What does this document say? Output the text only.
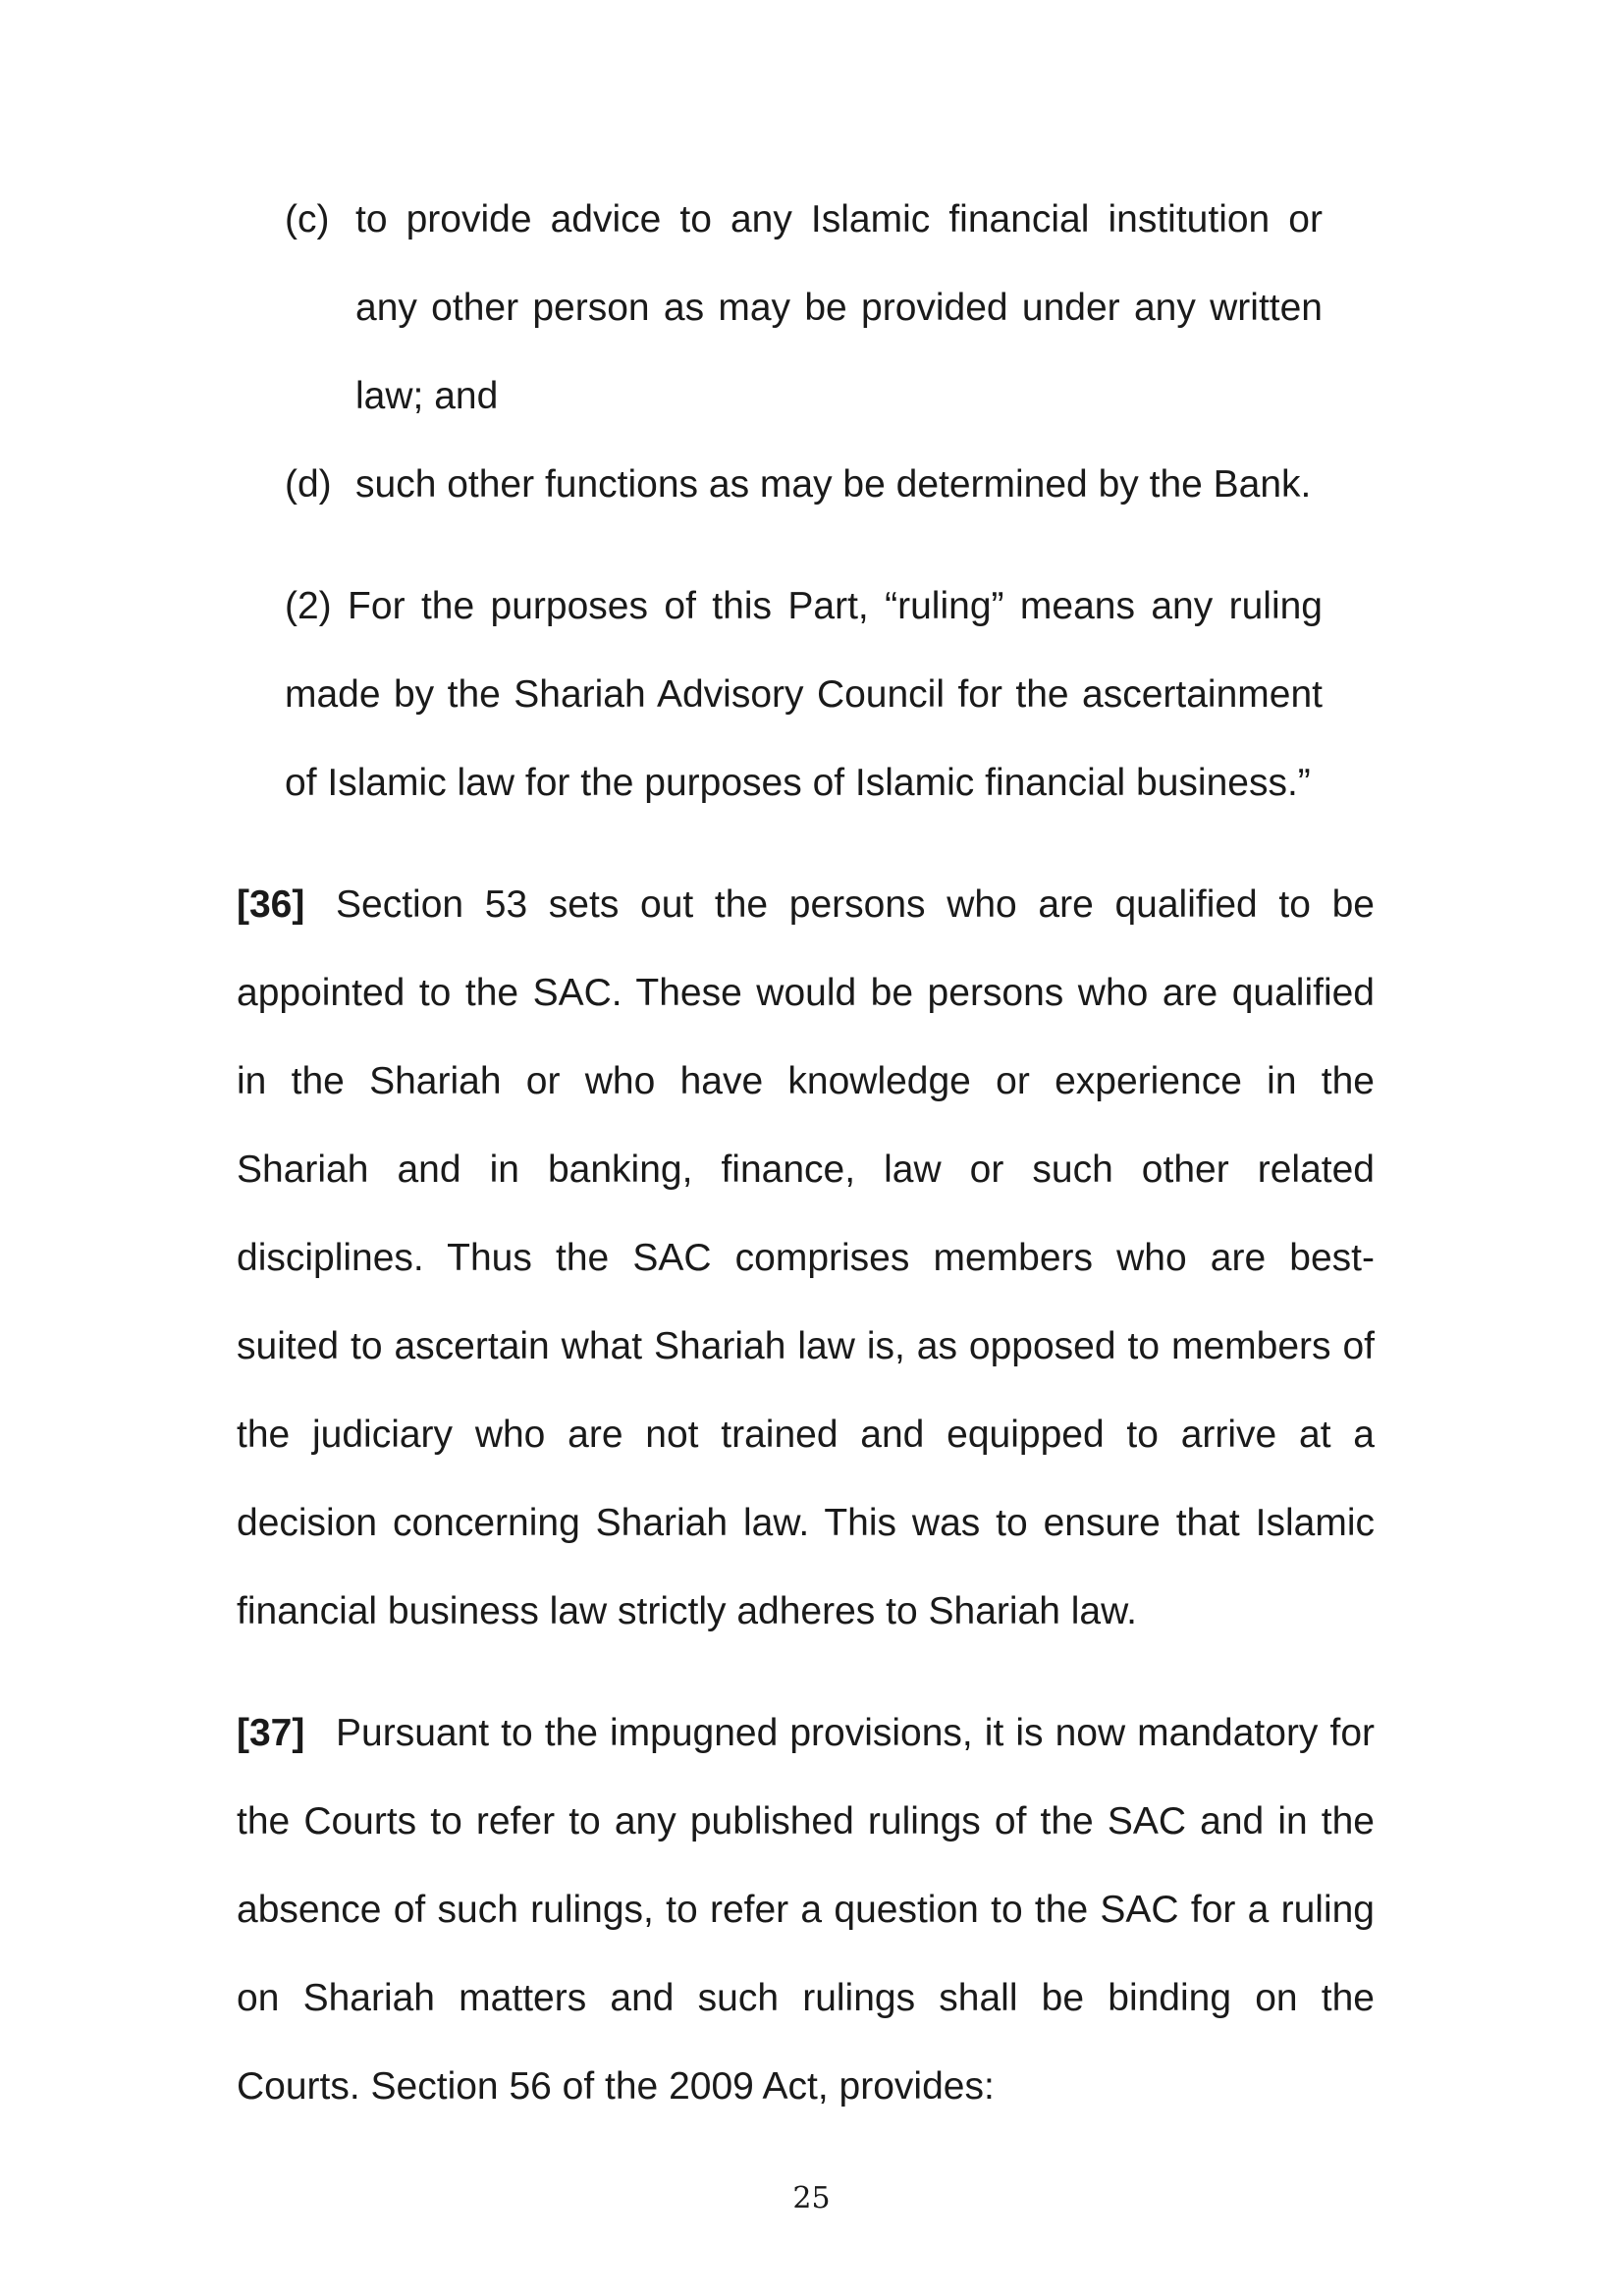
(c) to provide advice to any Islamic financial institution or
any other person as may be provided under any written
law; and
(d) such other functions as may be determined by the Bank.
(2) For the purposes of this Part, “ruling” means any ruling
made by the Shariah Advisory Council for the ascertainment
of Islamic law for the purposes of Islamic financial business.”
[36] Section 53 sets out the persons who are qualified to be
appointed to the SAC. These would be persons who are qualified
in the Shariah or who have knowledge or experience in the
Shariah and in banking, finance, law or such other related
disciplines. Thus the SAC comprises members who are best-
suited to ascertain what Shariah law is, as opposed to members of
the judiciary who are not trained and equipped to arrive at a
decision concerning Shariah law. This was to ensure that Islamic
financial business law strictly adheres to Shariah law.
[37] Pursuant to the impugned provisions, it is now mandatory for
the Courts to refer to any published rulings of the SAC and in the
absence of such rulings, to refer a question to the SAC for a ruling
on Shariah matters and such rulings shall be binding on the
Courts. Section 56 of the 2009 Act, provides:
25
